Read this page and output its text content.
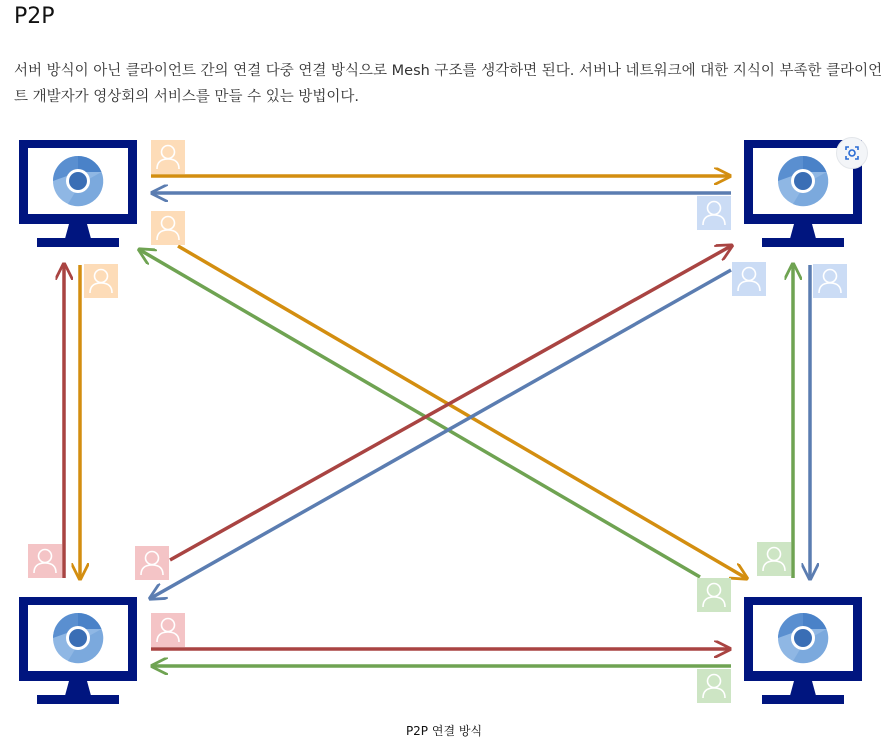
P2P

서버 방식이 아닌 클라이언트 간의 연결 다중 연결 방식으로 Mesh 구조를 생각하면 된다. 서버나 네트워크에 대한 지식이 부족한 클라이언트 개발자가 영상회의 서비스를 만들 수 있는 방법이다.

P2P 연결 방식
